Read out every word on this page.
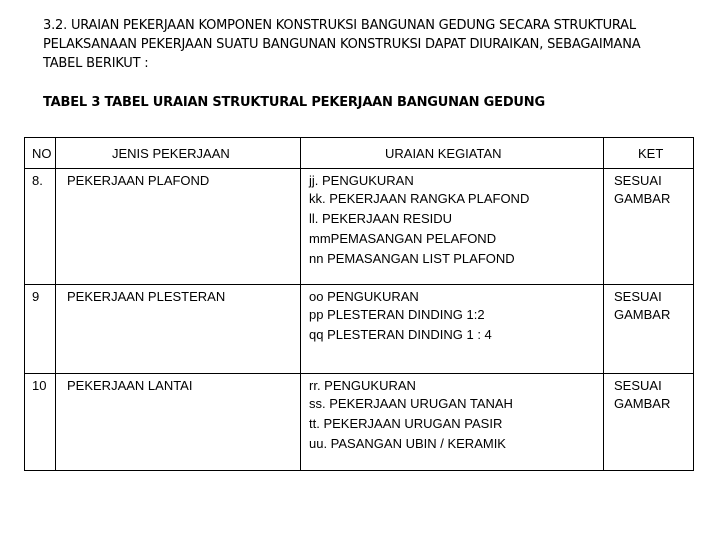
3.2. URAIAN PEKERJAAN KOMPONEN KONSTRUKSI BANGUNAN GEDUNG SECARA STRUKTURAL
PELAKSANAAN PEKERJAAN SUATU BANGUNAN KONSTRUKSI DAPAT DIURAIKAN, SEBAGAIMANA
TABEL BERIKUT :
TABEL 3 TABEL URAIAN STRUKTURAL PEKERJAAN BANGUNAN GEDUNG
NO	JENIS PEKERJAAN	URAIAN KEGIATAN	KET

8.	PEKERJAAN PLAFOND	jj. PENGUKURAN
kk. PEKERJAAN RANGKA PLAFOND
ll. PEKERJAAN RESIDU
mmPEMASANGAN PELAFOND
nn PEMASANGAN LIST PLAFOND	SESUAI
GAMBAR

9	PEKERJAAN PLESTERAN	oo PENGUKURAN
pp PLESTERAN DINDING 1:2
qq PLESTERAN DINDING 1 : 4	SESUAI
GAMBAR

10	PEKERJAAN LANTAI	rr. PENGUKURAN
ss. PEKERJAAN URUGAN TANAH
tt. PEKERJAAN URUGAN PASIR
uu. PASANGAN UBIN / KERAMIK	SESUAI
GAMBAR
